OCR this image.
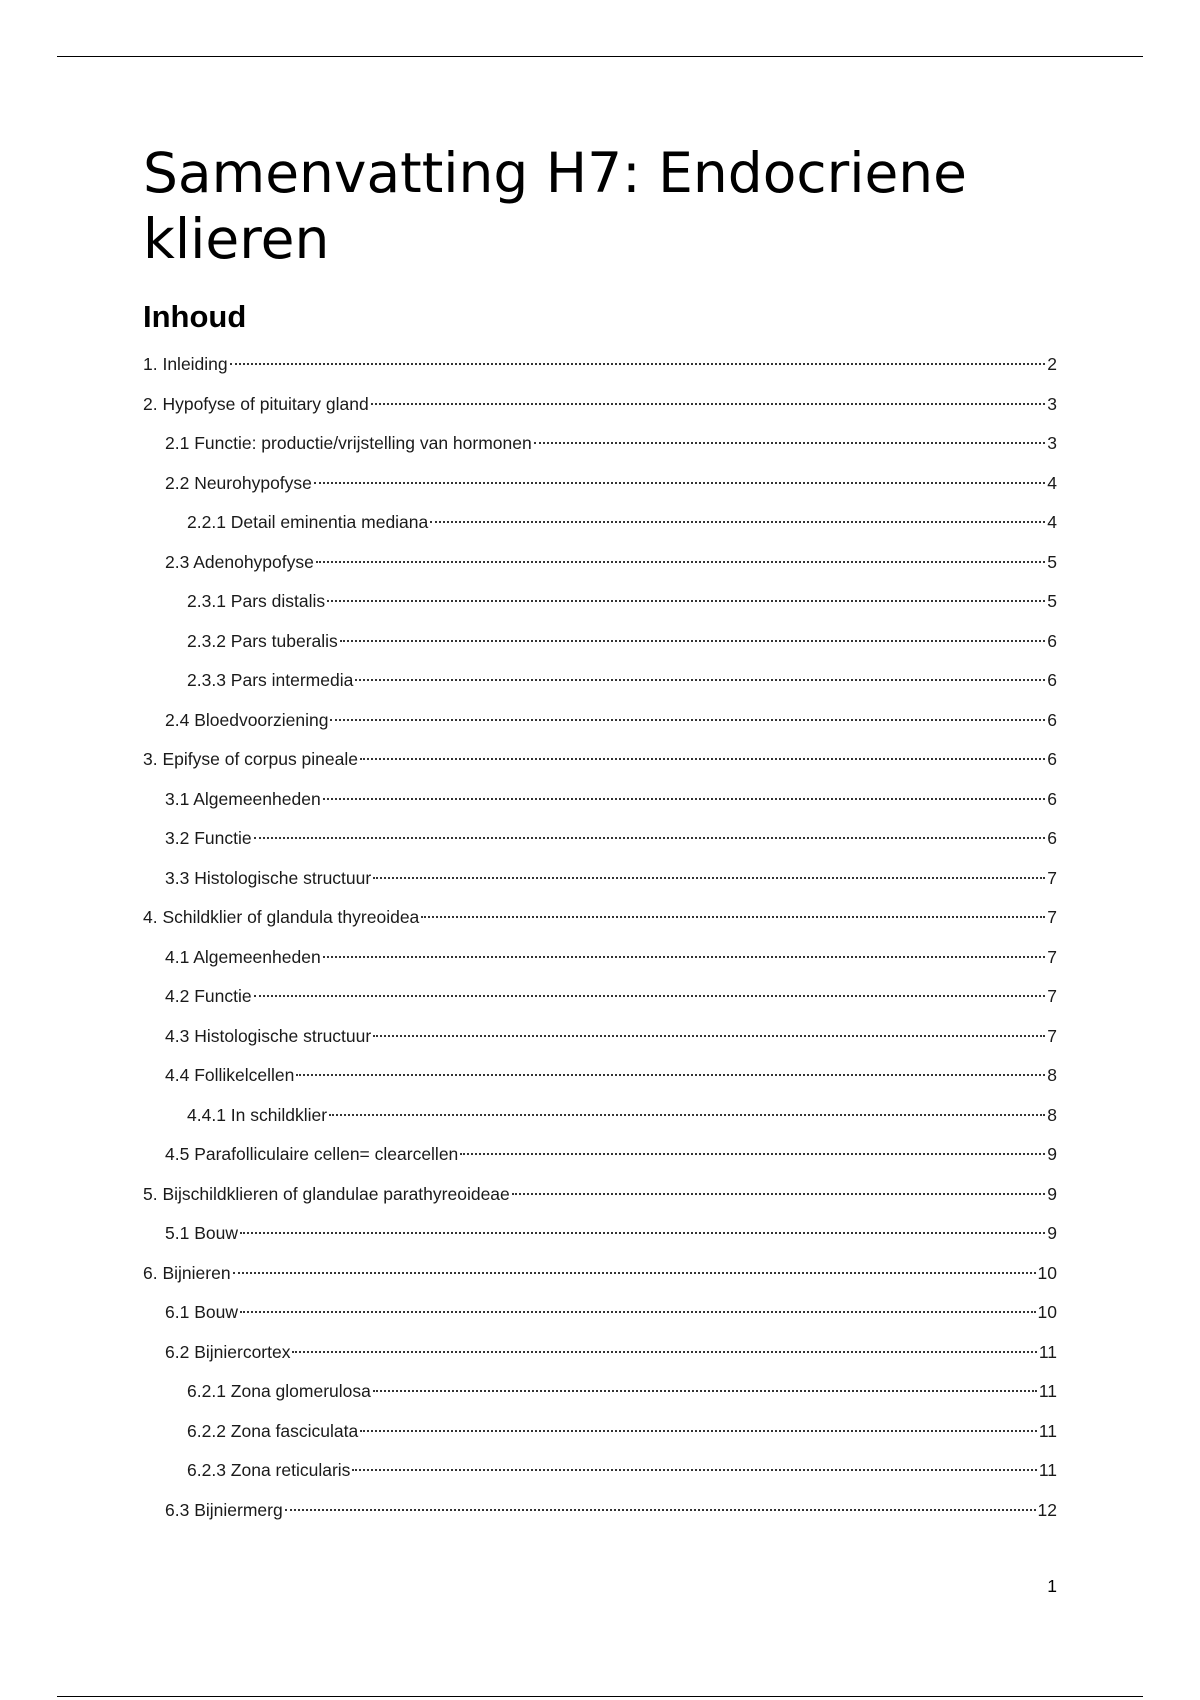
Samenvatting H7: Endocriene klieren
Inhoud
1. Inleiding	2
2. Hypofyse of pituitary gland	3
2.1 Functie: productie/vrijstelling van hormonen	3
2.2 Neurohypofyse	4
2.2.1 Detail eminentia mediana	4
2.3 Adenohypofyse	5
2.3.1 Pars distalis	5
2.3.2 Pars tuberalis	6
2.3.3 Pars intermedia	6
2.4 Bloedvoorziening	6
3. Epifyse of corpus pineale	6
3.1 Algemeenheden	6
3.2 Functie	6
3.3 Histologische structuur	7
4. Schildklier of glandula thyreoidea	7
4.1 Algemeenheden	7
4.2 Functie	7
4.3 Histologische structuur	7
4.4 Follikelcellen	8
4.4.1 In schildklier	8
4.5 Parafolliculaire cellen= clearcellen	9
5. Bijschildklieren of glandulae parathyreoideae	9
5.1 Bouw	9
6. Bijnieren	10
6.1 Bouw	10
6.2 Bijniercortex	11
6.2.1 Zona glomerulosa	11
6.2.2 Zona fasciculata	11
6.2.3 Zona reticularis	11
6.3 Bijniermerg	12
1
